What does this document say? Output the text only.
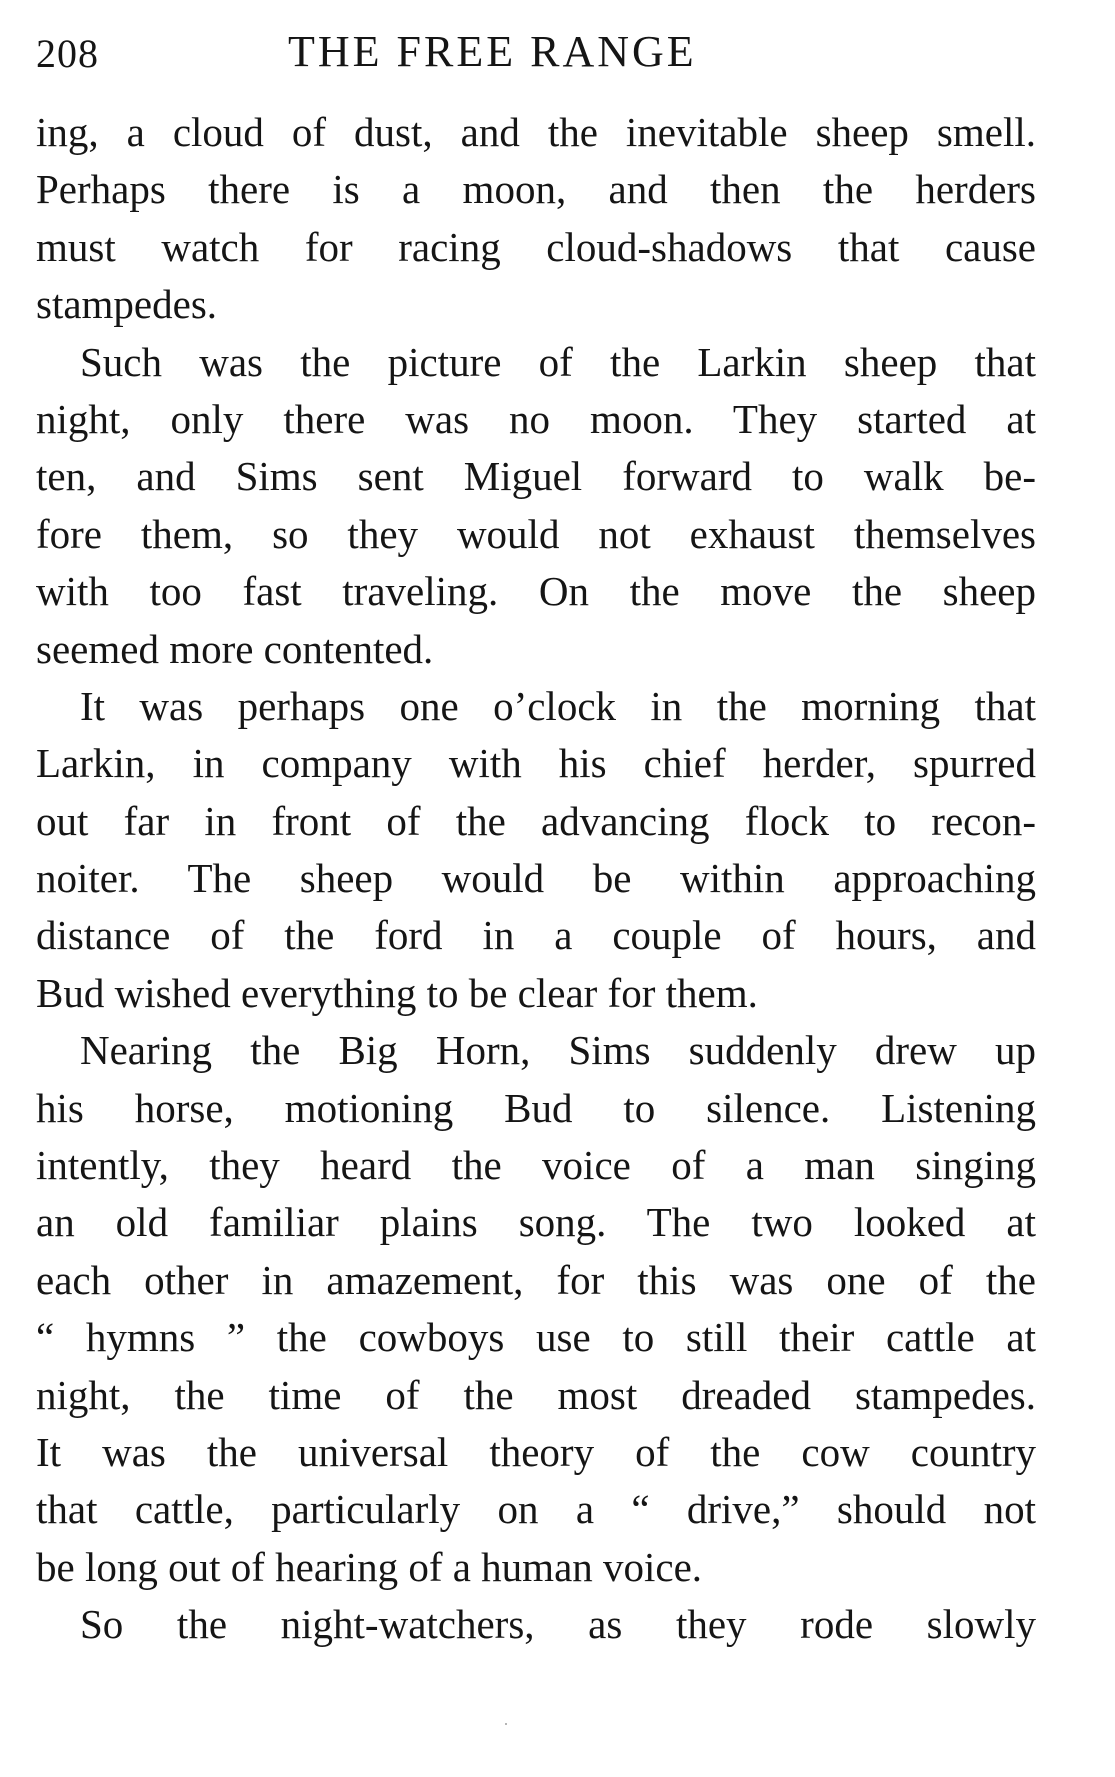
208	THE FREE RANGE
ing, a cloud of dust, and the inevitable sheep smell.
Perhaps there is a moon, and then the herders
must watch for racing cloud-shadows that cause
stampedes.
Such was the picture of the Larkin sheep that
night, only there was no moon. They started at
ten, and Sims sent Miguel forward to walk be-
fore them, so they would not exhaust themselves
with too fast traveling. On the move the sheep
seemed more contented.
It was perhaps one o’clock in the morning that
Larkin, in company with his chief herder, spurred
out far in front of the advancing flock to recon-
noiter. The sheep would be within approaching
distance of the ford in a couple of hours, and
Bud wished everything to be clear for them.
Nearing the Big Horn, Sims suddenly drew up
his horse, motioning Bud to silence. Listening
intently, they heard the voice of a man singing
an old familiar plains song. The two looked at
each other in amazement, for this was one of the
“ hymns ” the cowboys use to still their cattle at
night, the time of the most dreaded stampedes.
It was the universal theory of the cow country
that cattle, particularly on a “ drive,” should not
be long out of hearing of a human voice.
So the night-watchers, as they rode slowly
